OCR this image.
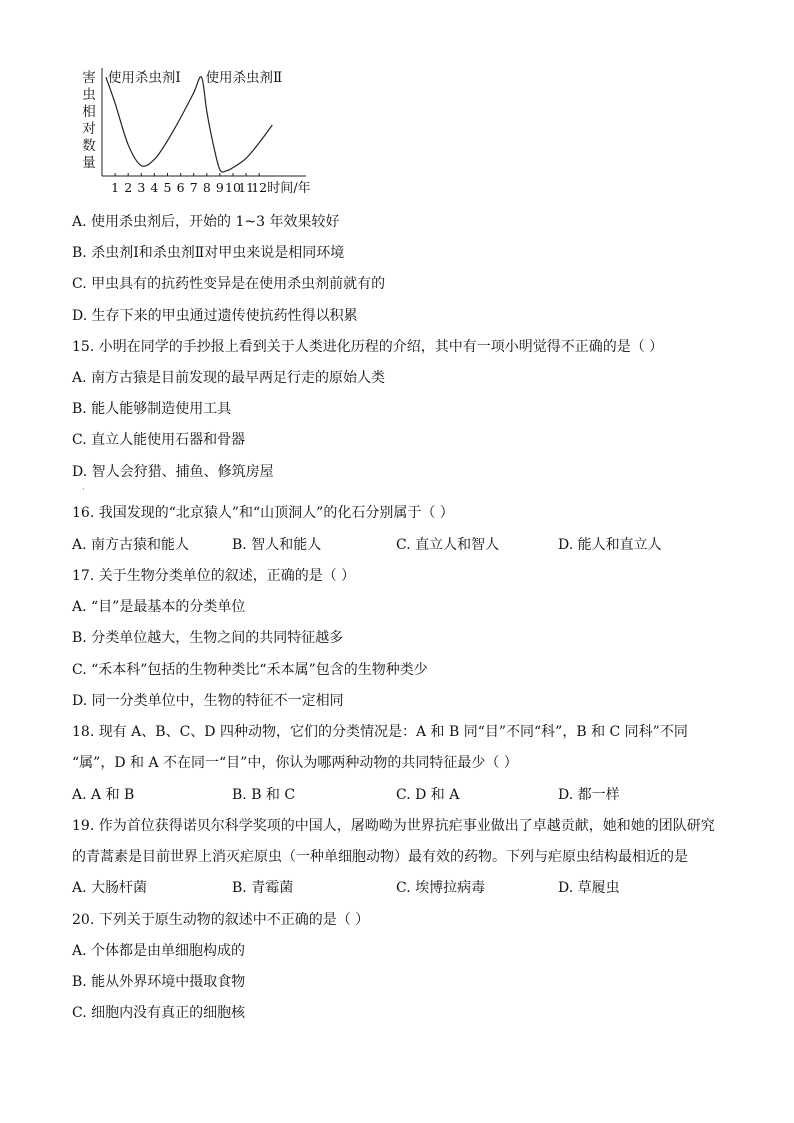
害
虫
相
对
数
量
1 2 3 4 5 6 7 8 9 10
11
12 时间/年
使用杀虫剂Ⅰ 使用杀虫剂Ⅱ
A. 使用杀虫剂后，开始的 1~3 年效果较好
B. 杀虫剂Ⅰ和杀虫剂Ⅱ对甲虫来说是相同环境
C. 甲虫具有的抗药性变异是在使用杀虫剂前就有的
D. 生存下来的甲虫通过遗传使抗药性得以积累
15. 小明在同学的手抄报上看到关于人类进化历程的介绍，其中有一项小明觉得不正确的是（ ）
A. 南方古猿是目前发现的最早两足行走的原始人类
B. 能人能够制造使用工具
C. 直立人能使用石器和骨器
D. 智人会狩猎、捕鱼、修筑房屋
·
16. 我国发现的“北京猿人”和“山顶洞人”的化石分别属于（ ）
A. 南方古猿和能人	B. 智人和能人	C. 直立人和智人	D. 能人和直立人
17. 关于生物分类单位的叙述，正确的是（ ）
A. “目”是最基本的分类单位
B. 分类单位越大，生物之间的共同特征越多
C. “禾本科”包括的生物种类比“禾本属”包含的生物种类少
D. 同一分类单位中，生物的特征不一定相同
18. 现有 A、B、C、D 四种动物，它们的分类情况是：A 和 B 同“目”不同“科”，B 和 C 同科”不同
“属”，D 和 A 不在同一“目”中，你认为哪两种动物的共同特征最少（ ）
A. A 和 B	B. B 和 C	C. D 和 A	D. 都一样
19. 作为首位获得诺贝尔科学奖项的中国人，屠呦呦为世界抗疟事业做出了卓越贡献，她和她的团队研究
的青蒿素是目前世界上消灭疟原虫（一种单细胞动物）最有效的药物。下列与疟原虫结构最相近的是
A. 大肠杆菌	B. 青霉菌	C. 埃博拉病毒	D. 草履虫
20. 下列关于原生动物的叙述中不正确的是（ ）
A. 个体都是由单细胞构成的
B. 能从外界环境中摄取食物
C. 细胞内没有真正的细胞核
